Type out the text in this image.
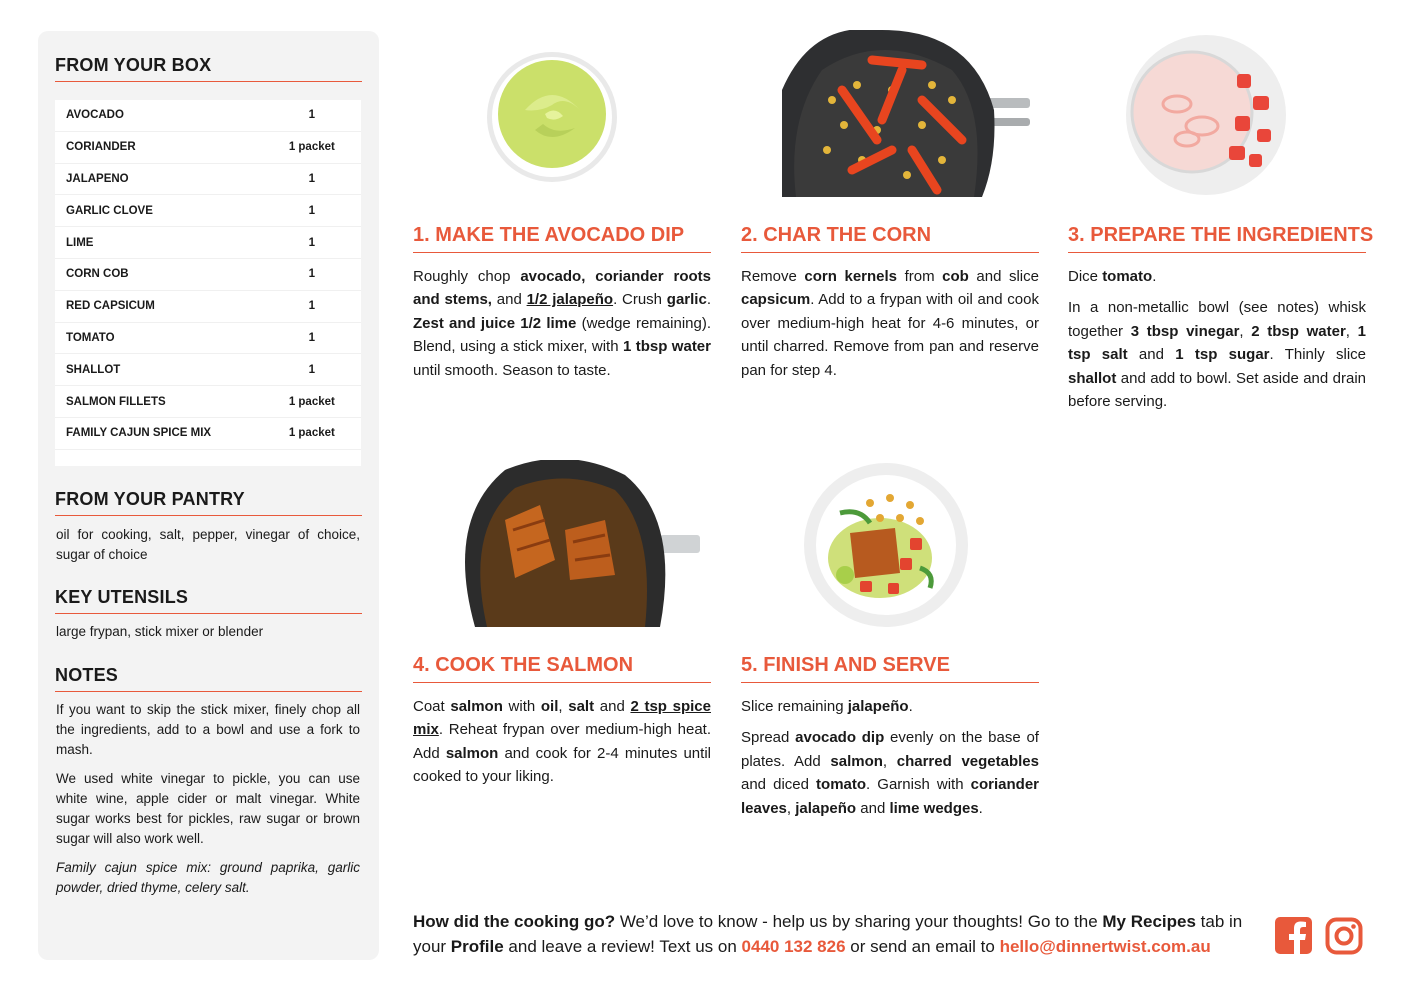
FROM YOUR BOX
AVOCADO	1
CORIANDER	1 packet
JALAPENO	1
GARLIC CLOVE	1
LIME	1
CORN COB	1
RED CAPSICUM	1
TOMATO	1
SHALLOT	1
SALMON FILLETS	1 packet
FAMILY CAJUN SPICE MIX	1 packet
FROM YOUR PANTRY
oil for cooking, salt, pepper, vinegar of choice, sugar of choice
KEY UTENSILS
large frypan, stick mixer or blender
NOTES

If you want to skip the stick mixer, finely chop all the ingredients, add to a bowl and use a fork to mash.

We used white vinegar to pickle, you can use white wine, apple cider or malt vinegar. White sugar works best for pickles, raw sugar or brown sugar will also work well.

Family cajun spice mix: ground paprika, garlic powder, dried thyme, celery salt.

1. MAKE THE AVOCADO DIP

Roughly chop avocado, coriander roots and stems, and 1/2 jalapeño. Crush garlic. Zest and juice 1/2 lime (wedge remaining). Blend, using a stick mixer, with 1 tbsp water until smooth. Season to taste.

2. CHAR THE CORN

Remove corn kernels from cob and slice capsicum. Add to a frypan with oil and cook over medium-high heat for 4-6 minutes, or until charred. Remove from pan and reserve pan for step 4.

3. PREPARE THE INGREDIENTS

Dice tomato.

In a non-metallic bowl (see notes) whisk together 3 tbsp vinegar, 2 tbsp water, 1 tsp salt and 1 tsp sugar. Thinly slice shallot and add to bowl. Set aside and drain before serving.

4. COOK THE SALMON

Coat salmon with oil, salt and 2 tsp spice mix. Reheat frypan over medium-high heat. Add salmon and cook for 2-4 minutes until cooked to your liking.

5. FINISH AND SERVE

Slice remaining jalapeño.

Spread avocado dip evenly on the base of plates. Add salmon, charred vegetables and diced tomato. Garnish with coriander leaves, jalapeño and lime wedges.

How did the cooking go? We’d love to know - help us by sharing your thoughts! Go to the My Recipes tab in your Profile and leave a review! Text us on 0440 132 826 or send an email to hello@dinnertwist.com.au
